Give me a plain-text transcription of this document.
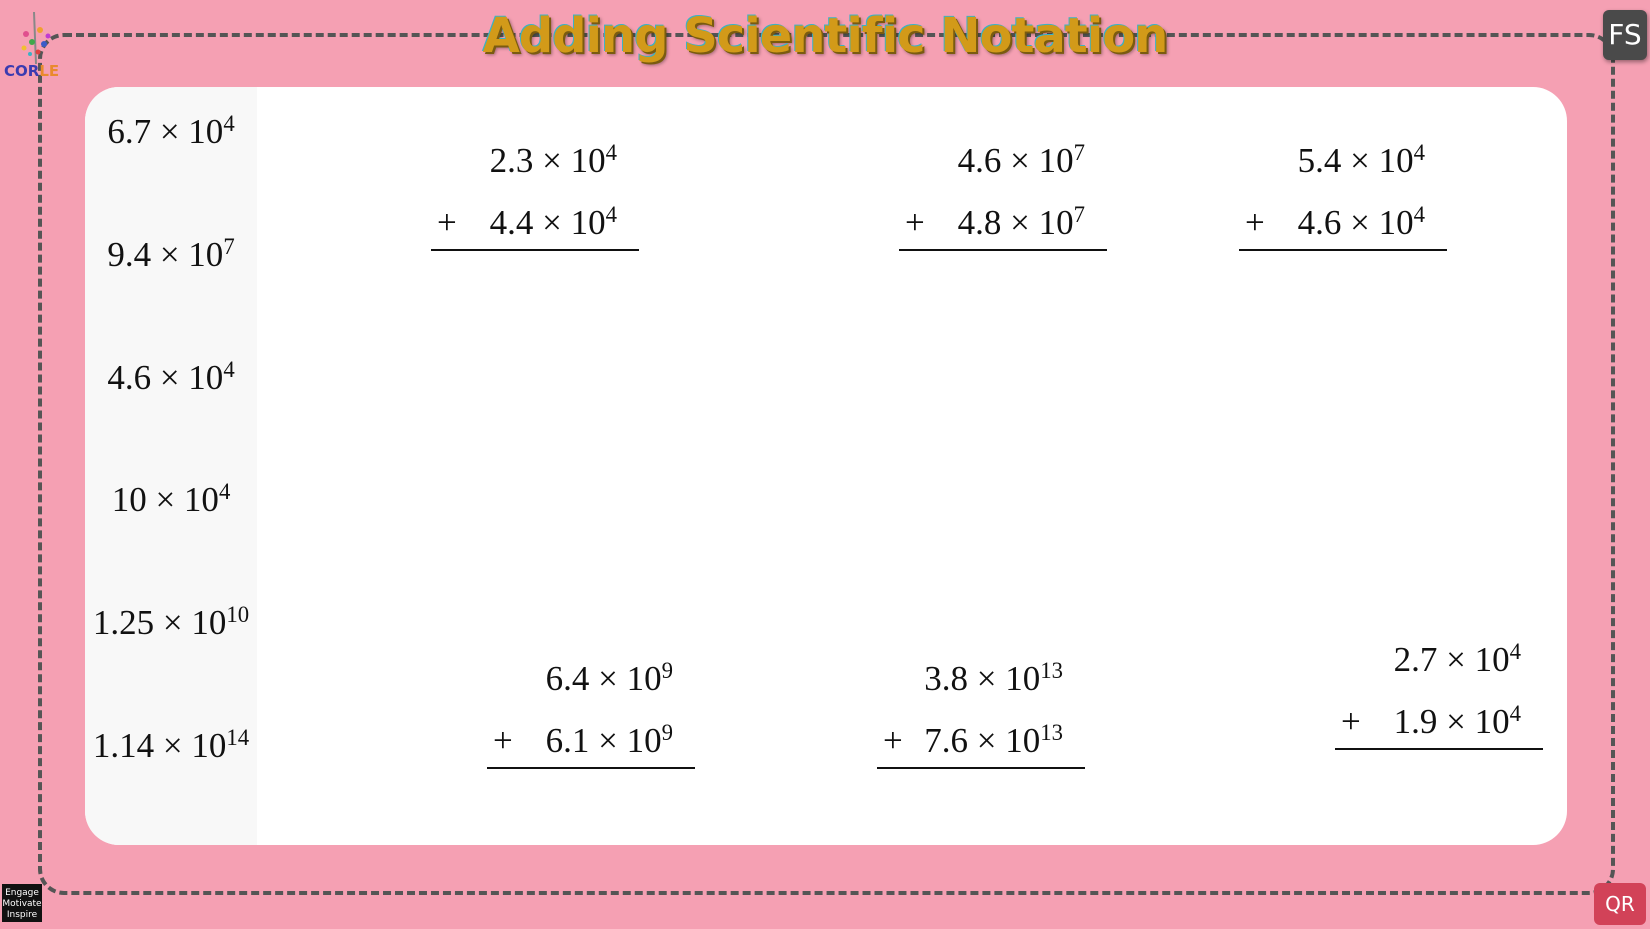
CORLE
Adding Scientific Notation	FS
$6.7 \times 10^4$
$9.4 \times 10^7$
$4.6 \times 10^4$
$10 \times 10^4$
$1.25 \times 10^{10}$
$1.14 \times 10^{14}$
$2.3 \times 10^4$
+ $4.4 \times 10^4$
$4.6 \times 10^7$
+ $4.8 \times 10^7$
$5.4 \times 10^4$
+ $4.6 \times 10^4$
$6.4 \times 10^9$
+ $6.1 \times 10^9$
$3.8 \times 10^{13}$
+ $7.6 \times 10^{13}$
$2.7 \times 10^4$
+ $1.9 \times 10^4$
Engage
Motivate
Inspire	QR
